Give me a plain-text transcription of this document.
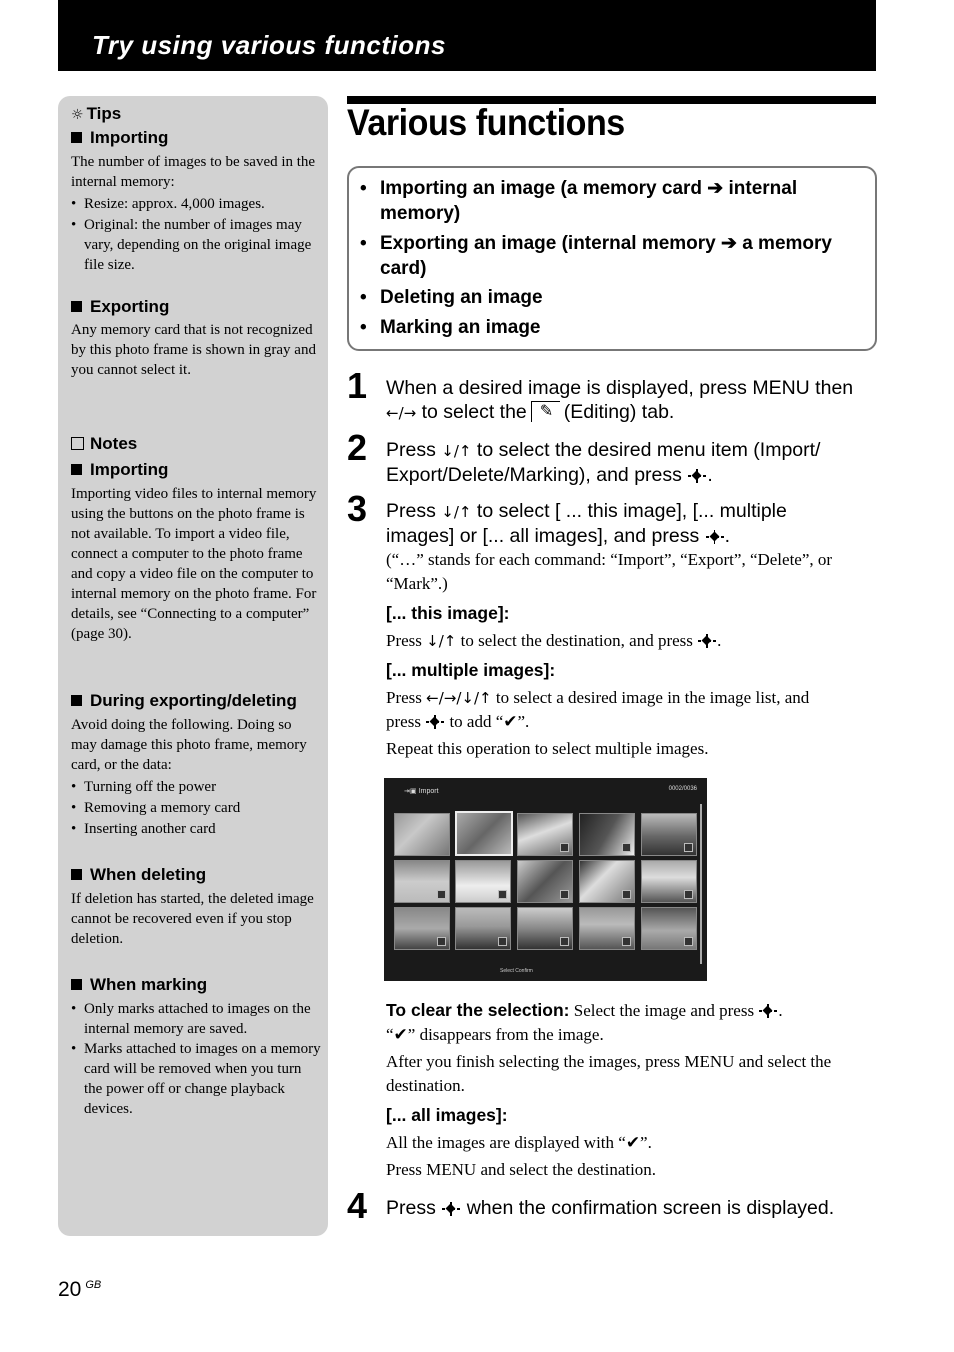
Try using various functions
☼ Tips
Importing
The number of images to be saved in the internal memory:
• Resize: approx. 4,000 images.
• Original: the number of images may vary, depending on the original image file size.
Exporting
Any memory card that is not recognized by this photo frame is shown in gray and you cannot select it.
Notes
Importing
Importing video files to internal memory using the buttons on the photo frame is not available. To import a video file, connect a computer to the photo frame and copy a video file on the computer to internal memory on the photo frame. For details, see “Connecting to a computer” (page 30).
During exporting/deleting
Avoid doing the following. Doing so may damage this photo frame, memory card, or the data:
• Turning off the power
• Removing a memory card
• Inserting another card
When deleting
If deletion has started, the deleted image cannot be recovered even if you stop deletion.
When marking
• Only marks attached to images on the internal memory are saved.
• Marks attached to images on a memory card will be removed when you turn the power off or change playback devices.
Various functions
• Importing an image (a memory card ➔ internal memory)
• Exporting an image (internal memory ➔ a memory card)
• Deleting an image
• Marking an image
1 When a desired image is displayed, press MENU then
←/→ to select the✎ (Editing) tab.
2 Press ↓/↑ to select the desired menu item (Import/
Export/Delete/Marking), and press .
3 Press ↓/↑ to select [ ... this image], [... multiple
images] or [... all images], and press .
(“…” stands for each command: “Import”, “Export”, “Delete”, or “Mark”.)
[... this image]:
Press ↓/↑ to select the destination, and press .
[... multiple images]:
Press ←/→/↓/↑ to select a desired image in the image list, and
press to add “✔”.
Repeat this operation to select multiple images.
⇥▣ Import	0002/0036
Select Confirm
To clear the selection: Select the image and press .
“✔” disappears from the image.
After you finish selecting the images, press MENU and select the destination.
[... all images]:
All the images are displayed with “✔”.
Press MENU and select the destination.
4 Press when the confirmation screen is displayed.
20 $^{GB}$
